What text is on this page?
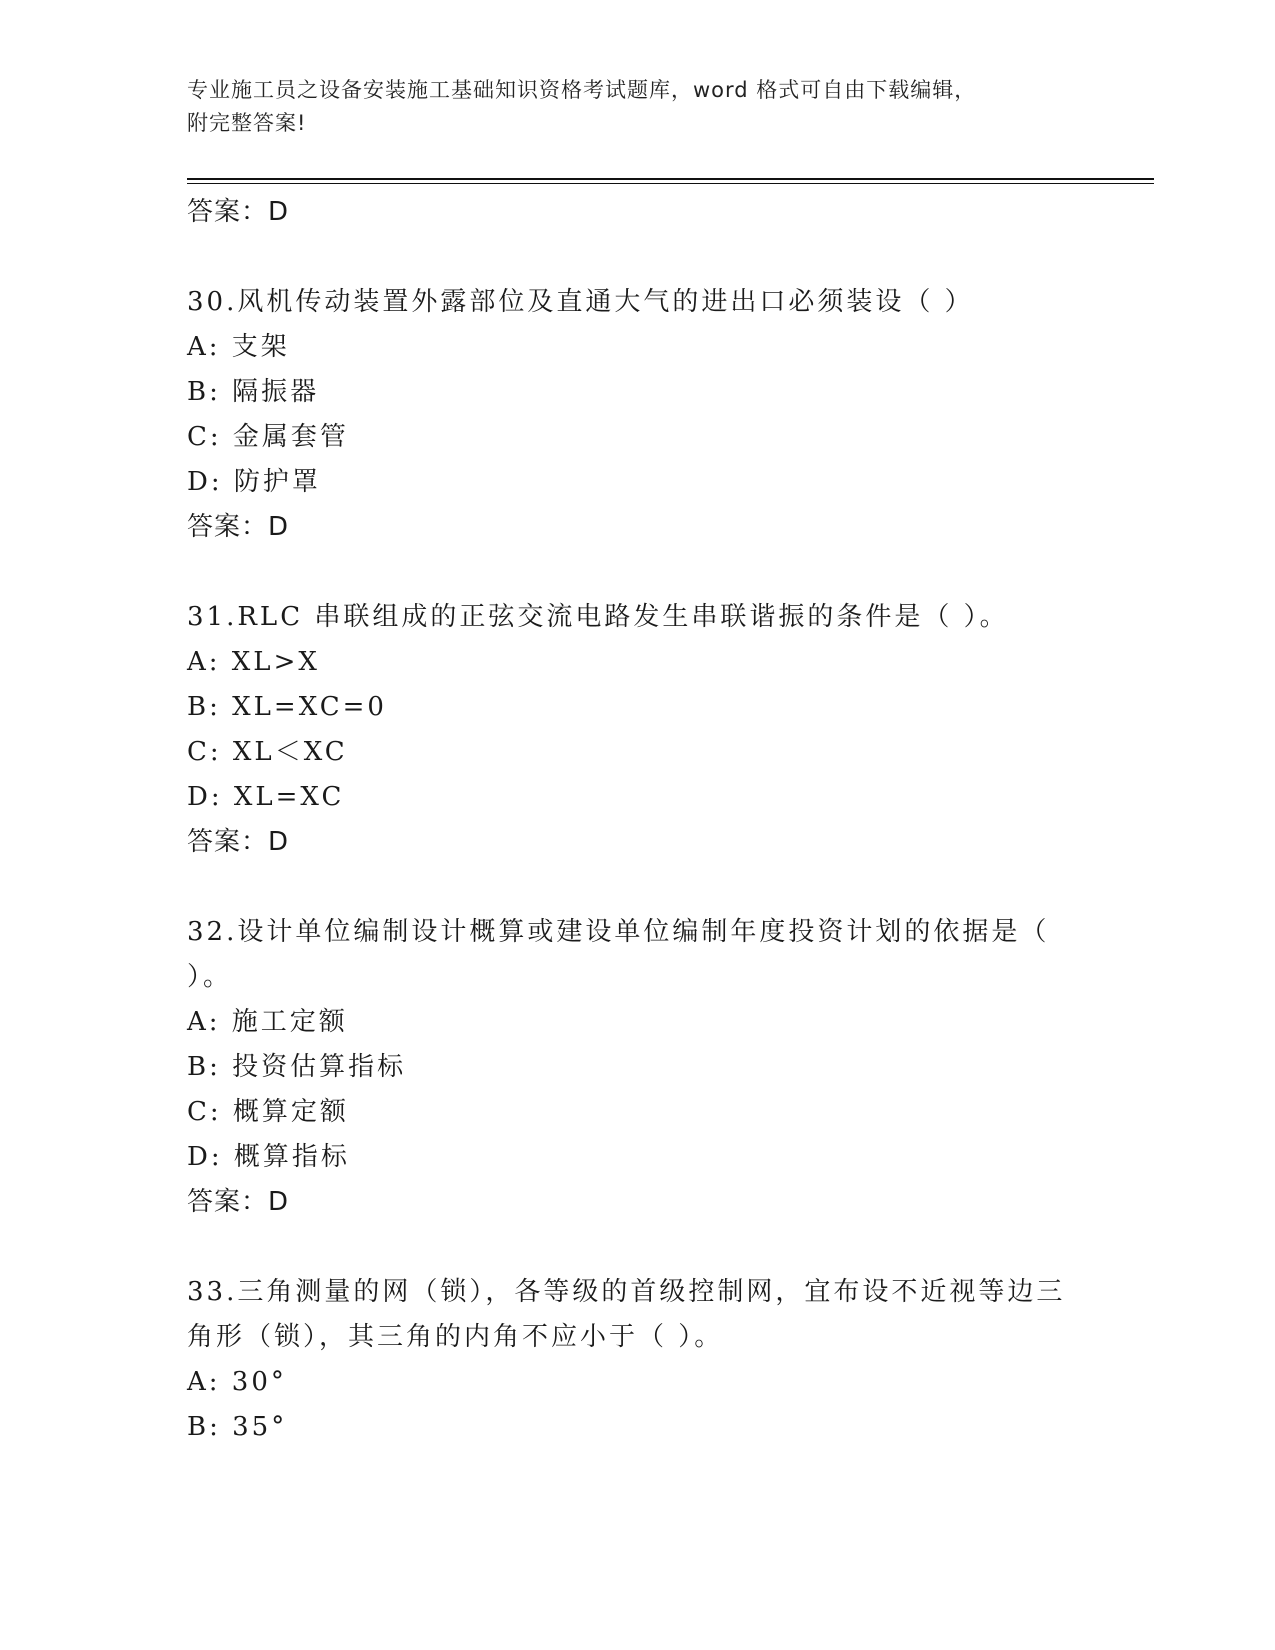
专业施工员之设备安装施工基础知识资格考试题库，word 格式可自由下载编辑，
附完整答案!
答案：D
30.风机传动装置外露部位及直通大气的进出口必须装设（ ）
A: 支架
B: 隔振器
C: 金属套管
D: 防护罩
答案：D
31.RLC 串联组成的正弦交流电路发生串联谐振的条件是（ ）。
A: XL>X
B: XL=XC=0
C: XL＜XC
D: XL=XC
答案：D
32.设计单位编制设计概算或建设单位编制年度投资计划的依据是（
）。
A: 施工定额
B: 投资估算指标
C: 概算定额
D: 概算指标
答案：D
33.三角测量的网（锁），各等级的首级控制网，宜布设不近视等边三
角形（锁），其三角的内角不应小于（ ）。
A: 30°
B: 35°
